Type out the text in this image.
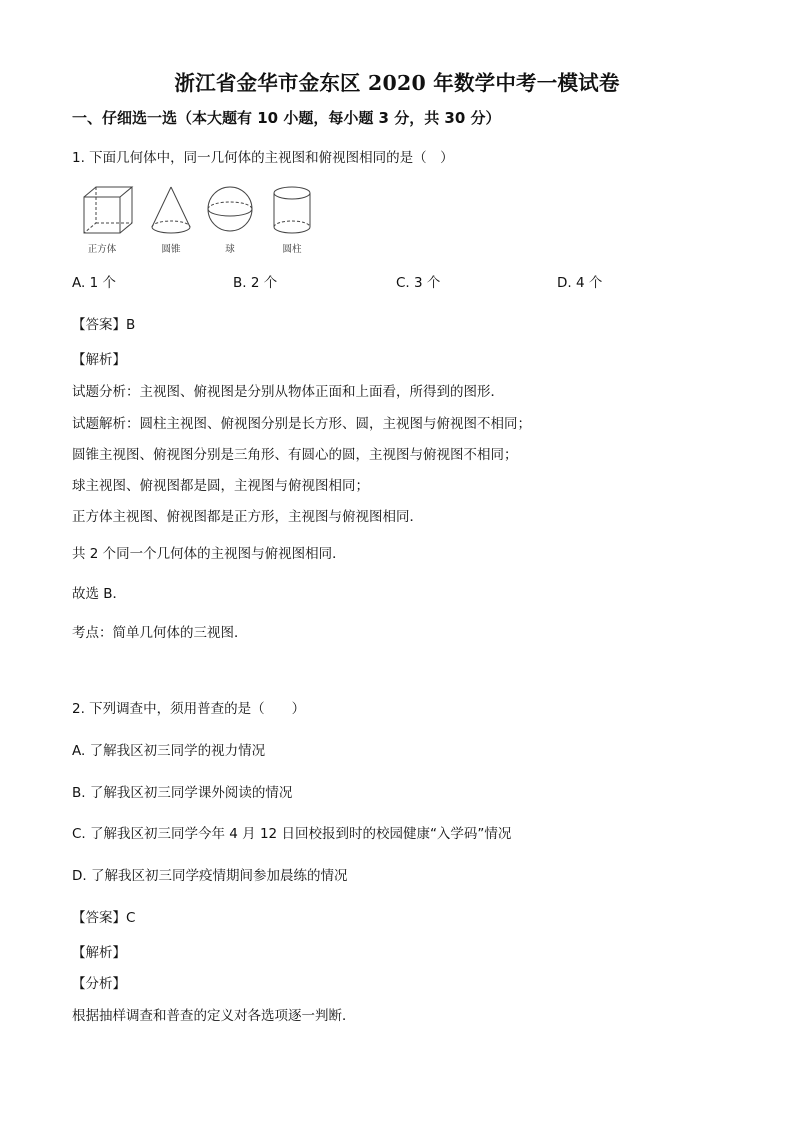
浙江省金华市金东区 2020 年数学中考一模试卷
一、仔细选一选（本大题有 10 小题，每小题 3 分，共 30 分）
1. 下面几何体中，同一几何体的主视图和俯视图相同的是（　）
正方体	圆锥	球	圆柱
A. 1 个	B. 2 个	C. 3 个	D. 4 个
【答案】B
【解析】
试题分析：主视图、俯视图是分别从物体正面和上面看，所得到的图形．
试题解析：圆柱主视图、俯视图分别是长方形、圆，主视图与俯视图不相同；
圆锥主视图、俯视图分别是三角形、有圆心的圆，主视图与俯视图不相同；
球主视图、俯视图都是圆，主视图与俯视图相同；
正方体主视图、俯视图都是正方形，主视图与俯视图相同．
共 2 个同一个几何体的主视图与俯视图相同．
故选 B．
考点：简单几何体的三视图．
2. 下列调查中，须用普查的是（　　）
A. 了解我区初三同学的视力情况
B. 了解我区初三同学课外阅读的情况
C. 了解我区初三同学今年 4 月 12 日回校报到时的校园健康“入学码”情况
D. 了解我区初三同学疫情期间参加晨练的情况
【答案】C
【解析】
【分析】
根据抽样调查和普查的定义对各选项逐一判断．
